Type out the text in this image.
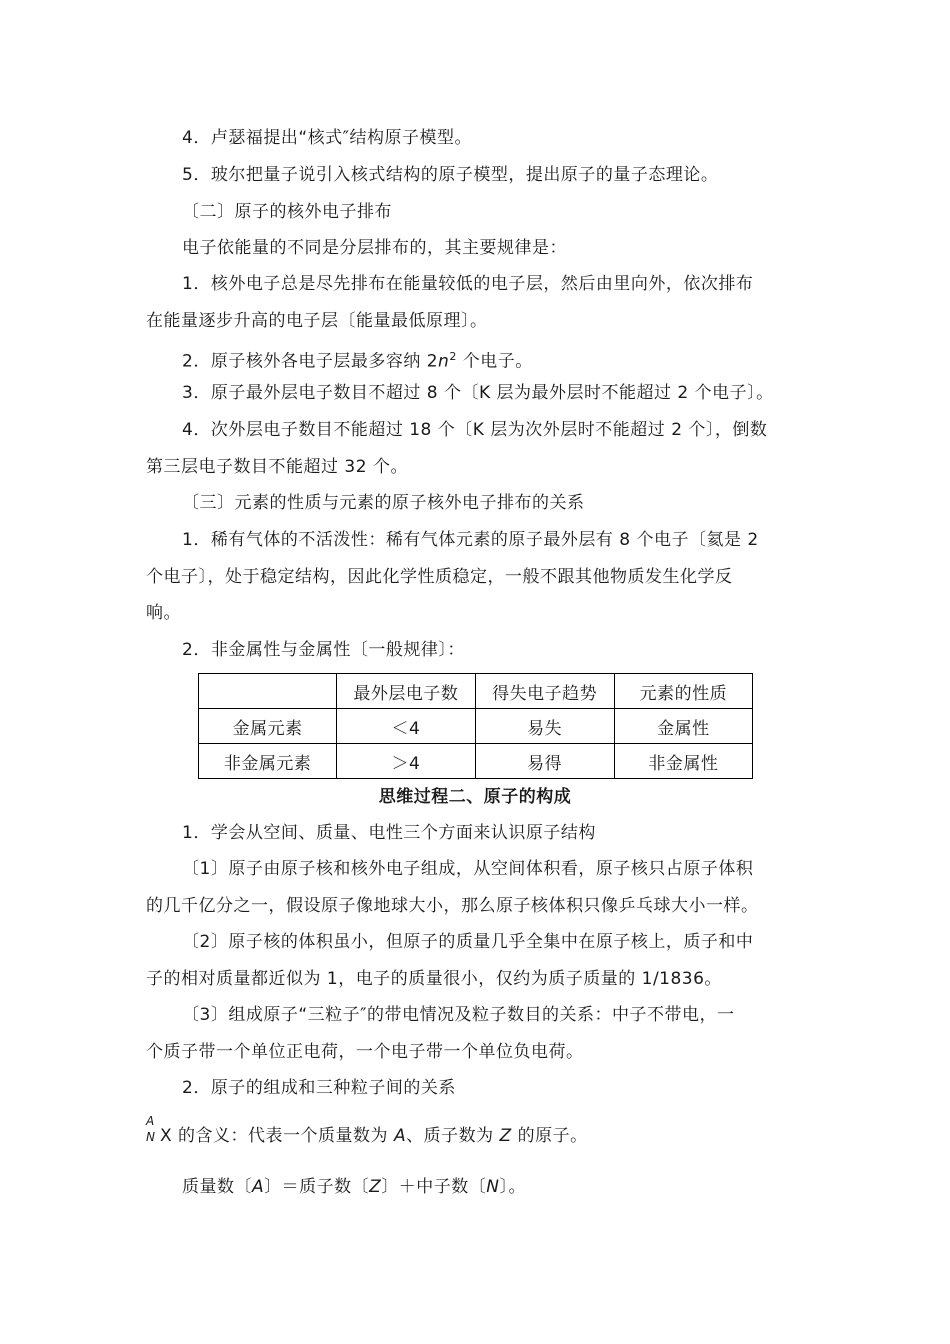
4．卢瑟福提出“核式″结构原子模型。
5．玻尔把量子说引入核式结构的原子模型，提出原子的量子态理论。
〔二〕原子的核外电子排布
电子依能量的不同是分层排布的，其主要规律是：
1．核外电子总是尽先排布在能量较低的电子层，然后由里向外，依次排布
在能量逐步升高的电子层〔能量最低原理〕。
2．原子核外各电子层最多容纳 $2n^2$ 个电子。
3．原子最外层电子数目不超过 8 个〔K 层为最外层时不能超过 2 个电子〕。
4．次外层电子数目不能超过 18 个〔K 层为次外层时不能超过 2 个〕，倒数
第三层电子数目不能超过 32 个。
〔三〕元素的性质与元素的原子核外电子排布的关系
1．稀有气体的不活泼性：稀有气体元素的原子最外层有 8 个电子〔氦是 2
个电子〕，处于稳定结构，因此化学性质稳定，一般不跟其他物质发生化学反
响。
2．非金属性与金属性〔一般规律〕：
	最外层电子数	得失电子趋势	元素的性质
金属元素	＜4	易失	金属性
非金属元素	＞4	易得	非金属性
思维过程二、原子的构成
1．学会从空间、质量、电性三个方面来认识原子结构
〔1〕原子由原子核和核外电子组成，从空间体积看，原子核只占原子体积
的几千亿分之一，假设原子像地球大小，那么原子核体积只像乒乓球大小一样。
〔2〕原子核的体积虽小，但原子的质量几乎全集中在原子核上，质子和中
子的相对质量都近似为 1，电子的质量很小，仅约为质子质量的 1/1836。
〔3〕组成原子“三粒子″的带电情况及粒子数目的关系：中子不带电，一
个质子带一个单位正电荷，一个电子带一个单位负电荷。
2．原子的组成和三种粒子间的关系
A
N X 的含义：代表一个质量数为 A、质子数为 Z 的原子。
质量数〔A〕＝质子数〔Z〕＋中子数〔N〕。
